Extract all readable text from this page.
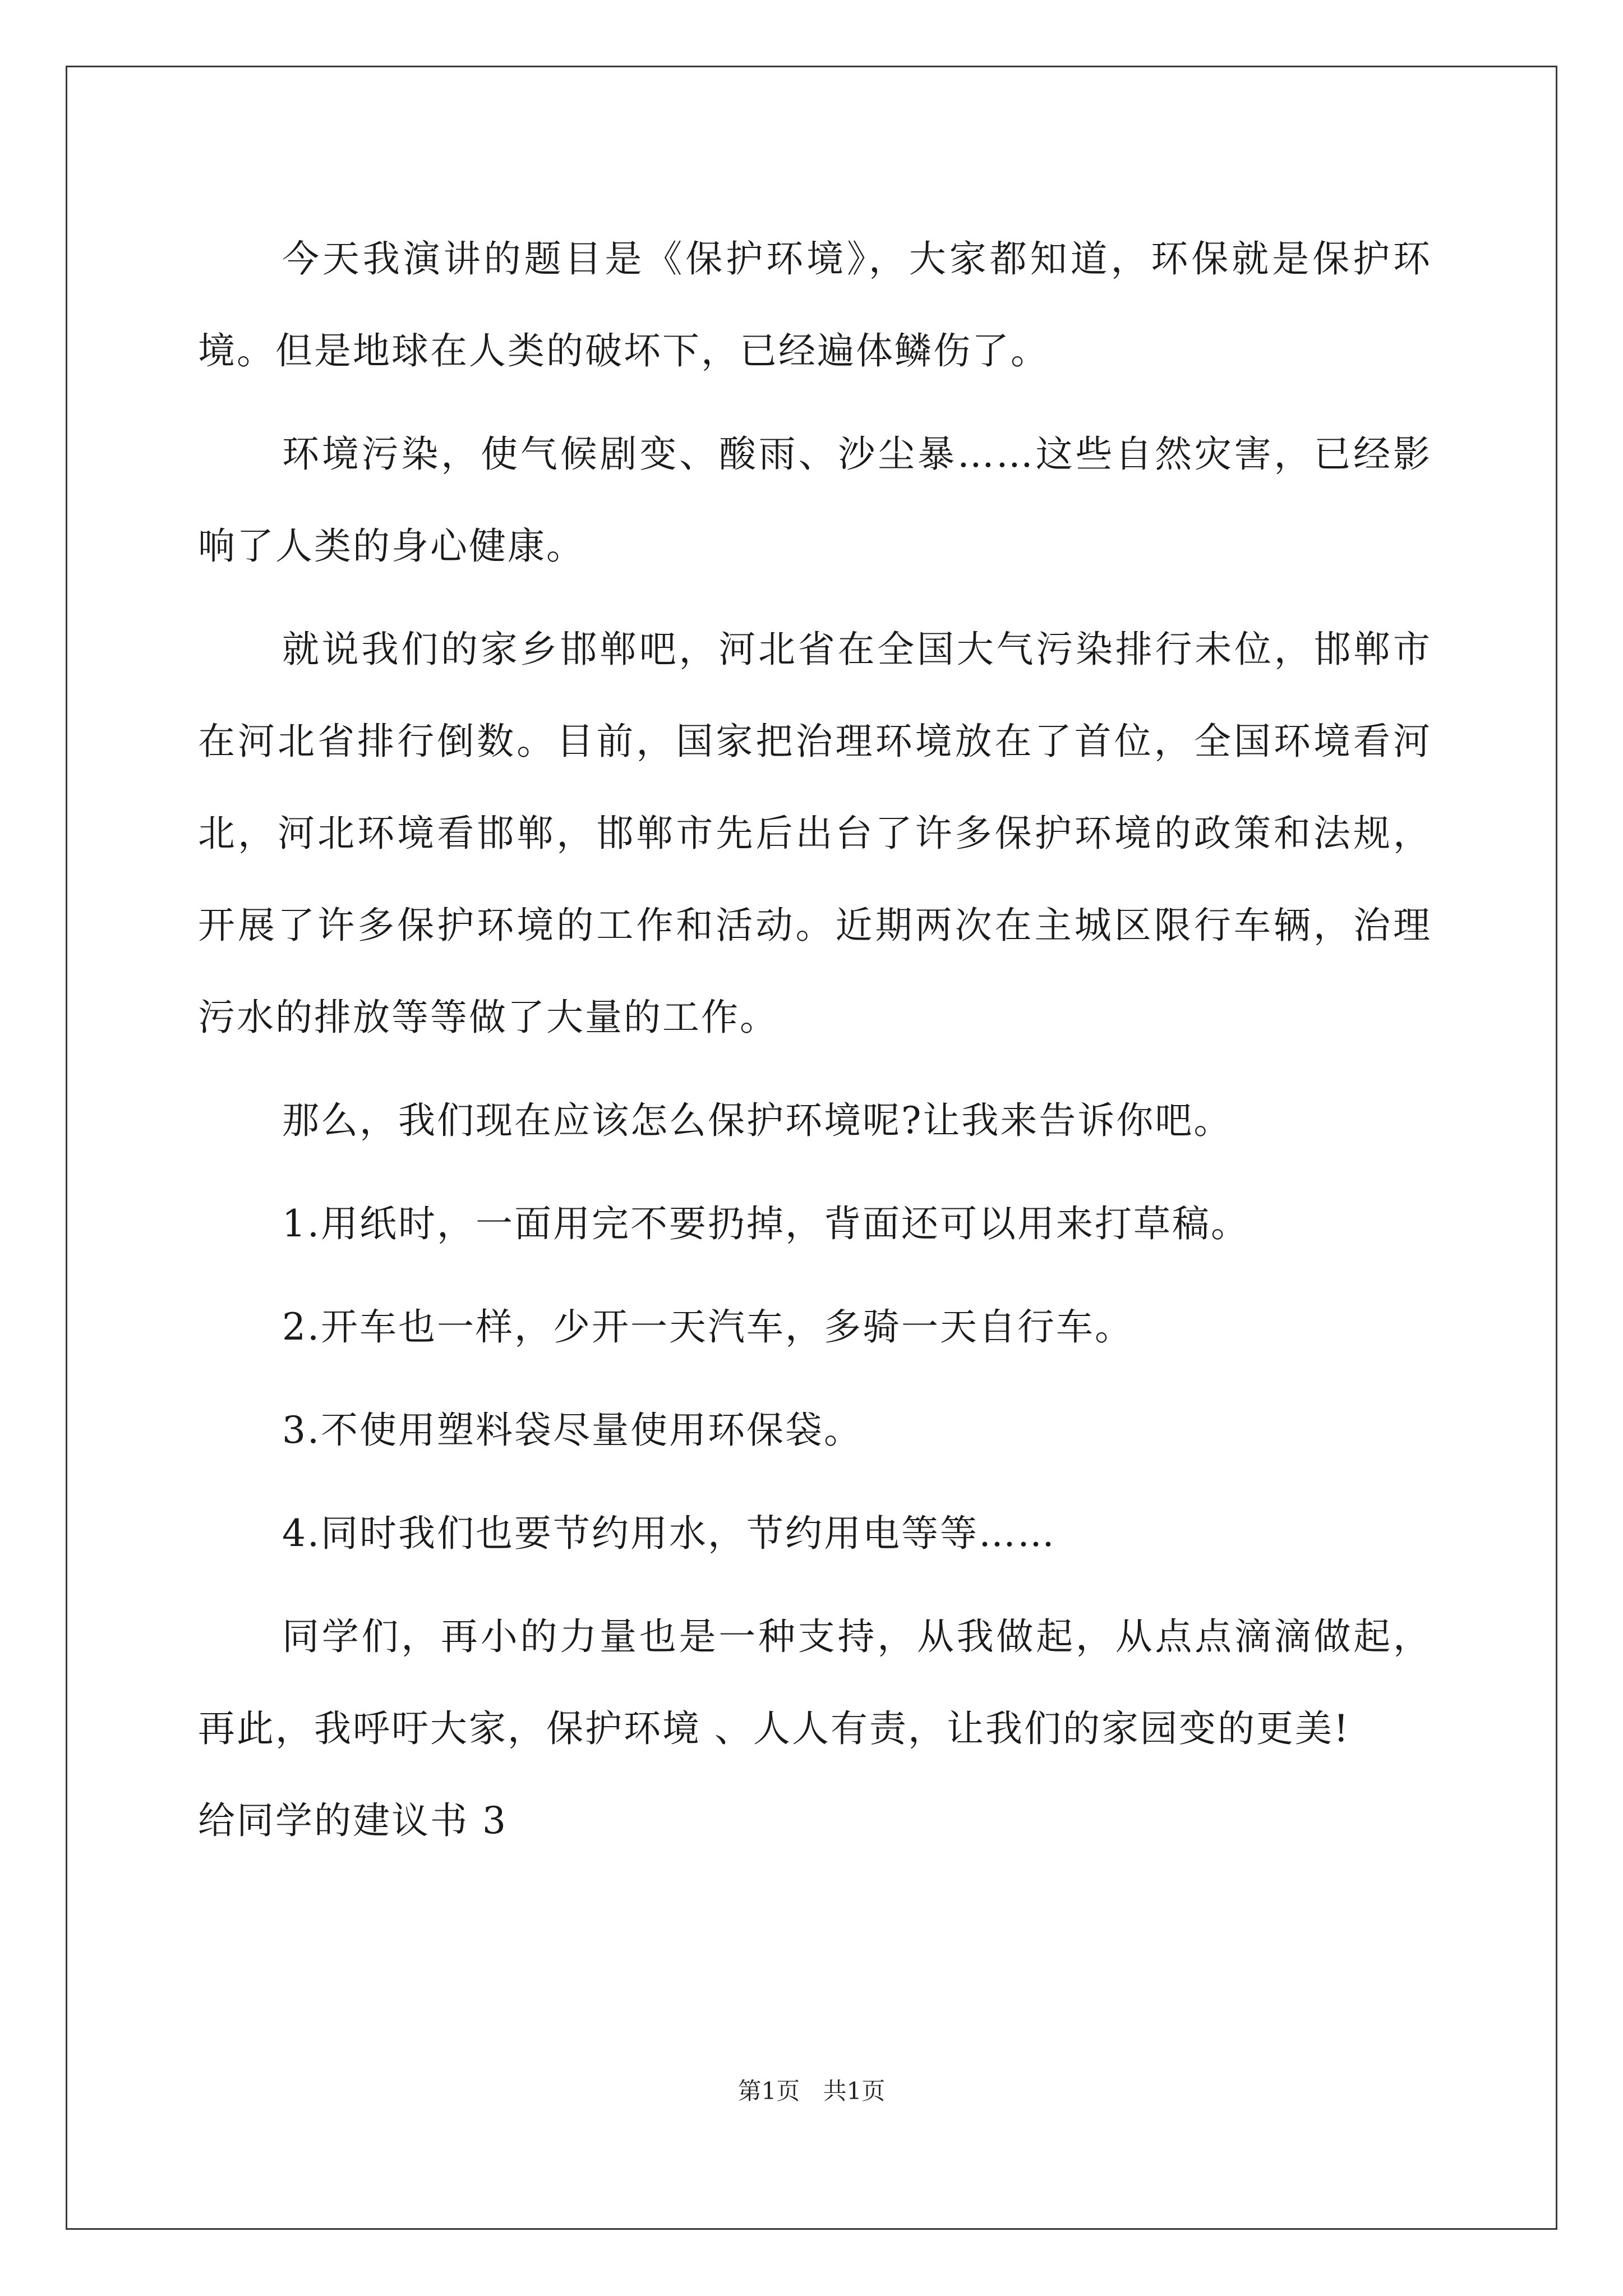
今天我演讲的题目是《保护环境》，大家都知道，环保就是保护环境。但是地球在人类的破坏下，已经遍体鳞伤了。

环境污染，使气候剧变、酸雨、沙尘暴……这些自然灾害，已经影响了人类的身心健康。

就说我们的家乡邯郸吧，河北省在全国大气污染排行未位，邯郸市在河北省排行倒数。目前，国家把治理环境放在了首位，全国环境看河北，河北环境看邯郸，邯郸市先后出台了许多保护环境的政策和法规，开展了许多保护环境的工作和活动。近期两次在主城区限行车辆，治理污水的排放等等做了大量的工作。

那么，我们现在应该怎么保护环境呢?让我来告诉你吧。

1.用纸时，一面用完不要扔掉，背面还可以用来打草稿。

2.开车也一样，少开一天汽车，多骑一天自行车。

3.不使用塑料袋尽量使用环保袋。

4.同时我们也要节约用水，节约用电等等……

同学们，再小的力量也是一种支持，从我做起，从点点滴滴做起，再此，我呼吁大家，保护环境 、人人有责，让我们的家园变的更美!

给同学的建议书 3

第1页 共1页
